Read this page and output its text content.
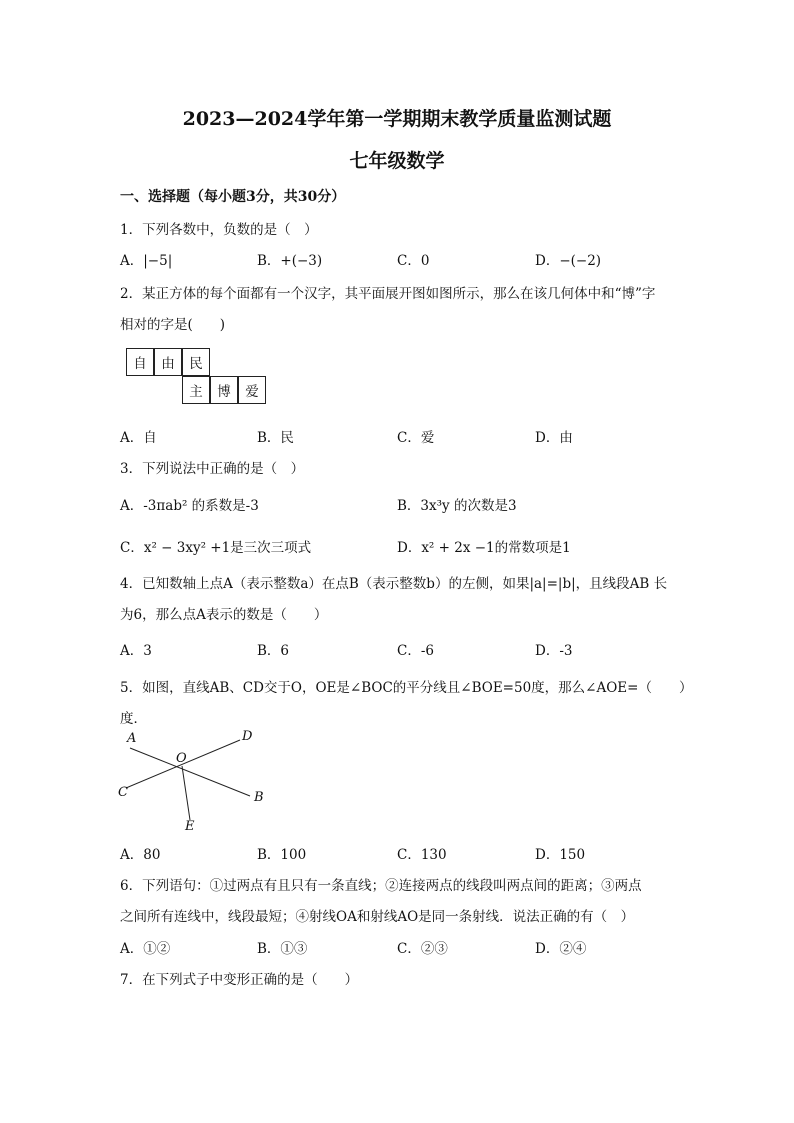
2023—2024学年第一学期期末教学质量监测试题
七年级数学
一、选择题（每小题3分，共30分）
1．下列各数中，负数的是（　）
A．|−5|	B．+(−3)	C．0	D．−(−2)
2．某正方体的每个面都有一个汉字，其平面展开图如图所示，那么在该几何体中和“博”字
相对的字是(　　)
自	由	民
主	博	爱
A．自	B．民	C．爱	D．由
3．下列说法中正确的是（　）
A．-3πab² 的系数是-3	B．3x³y 的次数是3
C．x² − 3xy² +1是三次三项式	D．x² + 2x −1的常数项是1
4．已知数轴上点A（表示整数a）在点B（表示整数b）的左侧，如果|a|=|b|，且线段AB 长
为6，那么点A表示的数是（　　）
A．3	B．6	C．-6	D．-3
5．如图，直线AB、CD交于O，OE是∠BOC的平分线且∠BOE=50度，那么∠AOE=（　　）
度．
A	D
O
C	B
E
A．80	B．100	C．130	D．150
6．下列语句：①过两点有且只有一条直线；②连接两点的线段叫两点间的距离；③两点
之间所有连线中，线段最短；④射线OA和射线AO是同一条射线．说法正确的有（　）
A．①②	B．①③	C．②③	D．②④
7．在下列式子中变形正确的是（　　）
